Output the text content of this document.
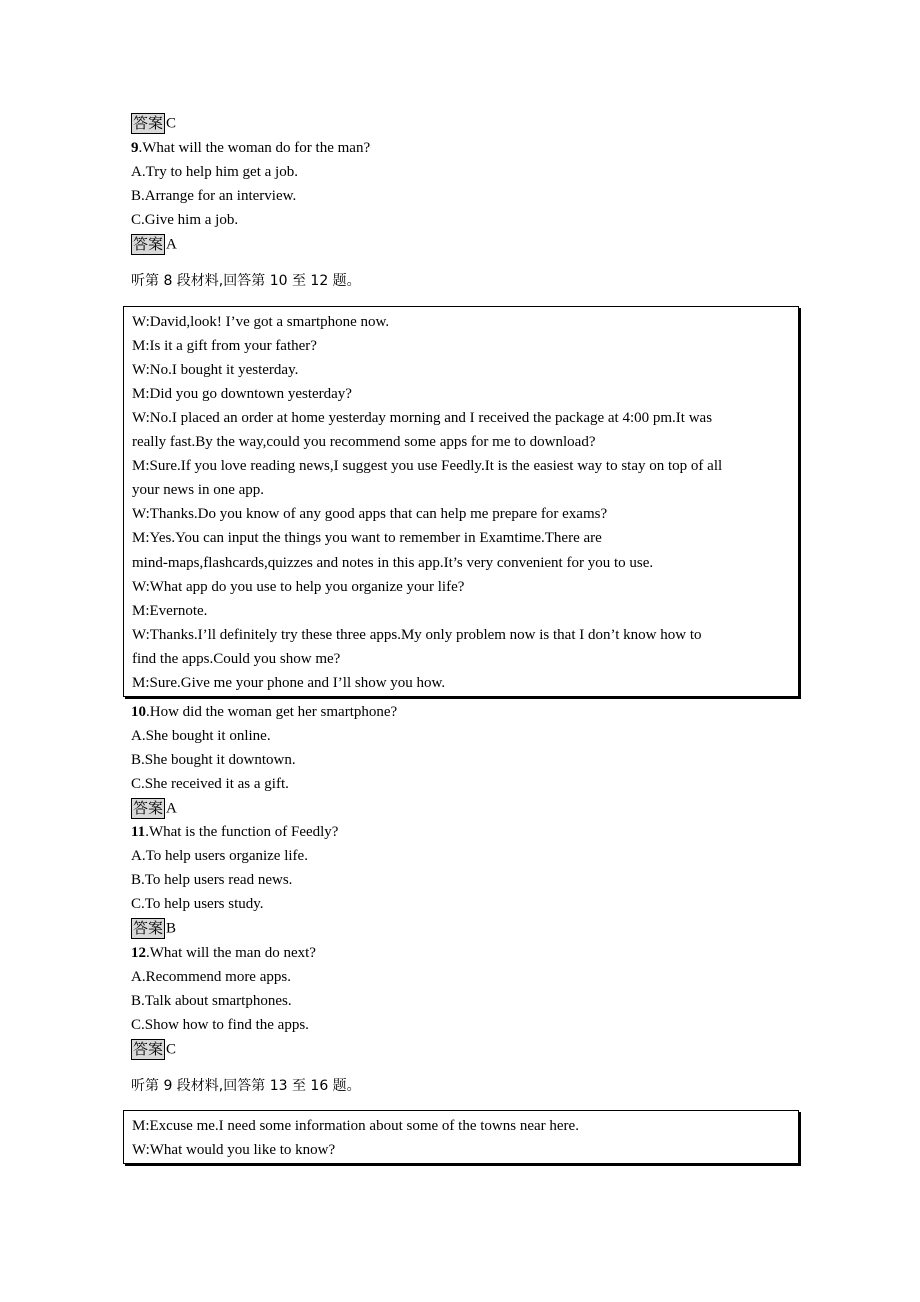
答案 C
9.What will the woman do for the man?
A.Try to help him get a job.
B.Arrange for an interview.
C.Give him a job.
答案 A
听第 8 段材料,回答第 10 至 12 题。
W:David,look! I’ve got a smartphone now.
M:Is it a gift from your father?
W:No.I bought it yesterday.
M:Did you go downtown yesterday?
W:No.I placed an order at home yesterday morning and I received the package at 4:00 pm.It was
really fast.By the way,could you recommend some apps for me to download?
M:Sure.If you love reading news,I suggest you use Feedly.It is the easiest way to stay on top of all
your news in one app.
W:Thanks.Do you know of any good apps that can help me prepare for exams?
M:Yes.You can input the things you want to remember in Examtime.There are
mind-maps,flashcards,quizzes and notes in this app.It’s very convenient for you to use.
W:What app do you use to help you organize your life?
M:Evernote.
W:Thanks.I’ll definitely try these three apps.My only problem now is that I don’t know how to
find the apps.Could you show me?
M:Sure.Give me your phone and I’ll show you how.
10.How did the woman get her smartphone?
A.She bought it online.
B.She bought it downtown.
C.She received it as a gift.
答案 A
11.What is the function of Feedly?
A.To help users organize life.
B.To help users read news.
C.To help users study.
答案 B
12.What will the man do next?
A.Recommend more apps.
B.Talk about smartphones.
C.Show how to find the apps.
答案 C
听第 9 段材料,回答第 13 至 16 题。
M:Excuse me.I need some information about some of the towns near here.
W:What would you like to know?
